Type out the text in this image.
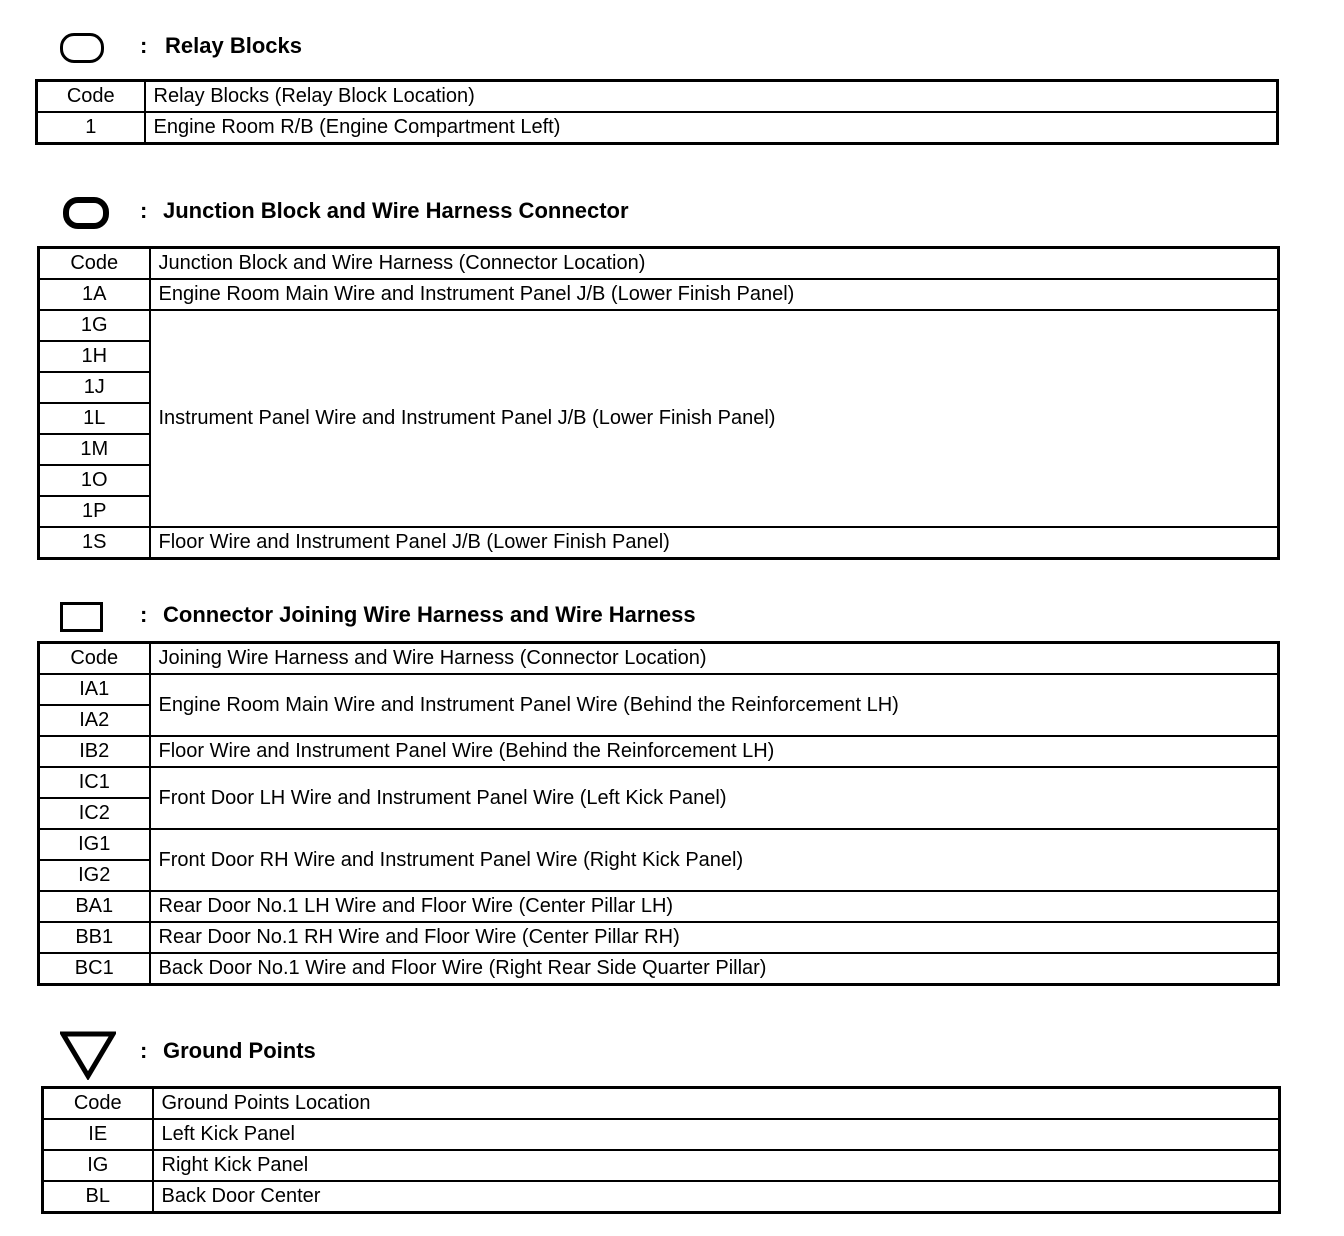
: Relay Blocks
Code	Relay Blocks (Relay Block Location)
1	Engine Room R/B (Engine Compartment Left)
: Junction Block and Wire Harness Connector
Code	Junction Block and Wire Harness (Connector Location)
1A	Engine Room Main Wire and Instrument Panel J/B (Lower Finish Panel)
1G	Instrument Panel Wire and Instrument Panel J/B (Lower Finish Panel)
1H	
1J	
1L	
1M	
1O	
1P	
1S	Floor Wire and Instrument Panel J/B (Lower Finish Panel)
: Connector Joining Wire Harness and Wire Harness
Code	Joining Wire Harness and Wire Harness (Connector Location)
IA1	Engine Room Main Wire and Instrument Panel Wire (Behind the Reinforcement LH)
IA2	
IB2	Floor Wire and Instrument Panel Wire (Behind the Reinforcement LH)
IC1	Front Door LH Wire and Instrument Panel Wire (Left Kick Panel)
IC2	
IG1	Front Door RH Wire and Instrument Panel Wire (Right Kick Panel)
IG2	
BA1	Rear Door No.1 LH Wire and Floor Wire (Center Pillar LH)
BB1	Rear Door No.1 RH Wire and Floor Wire (Center Pillar RH)
BC1	Back Door No.1 Wire and Floor Wire (Right Rear Side Quarter Pillar)
: Ground Points
Code	Ground Points Location
IE	Left Kick Panel
IG	Right Kick Panel
BL	Back Door Center
